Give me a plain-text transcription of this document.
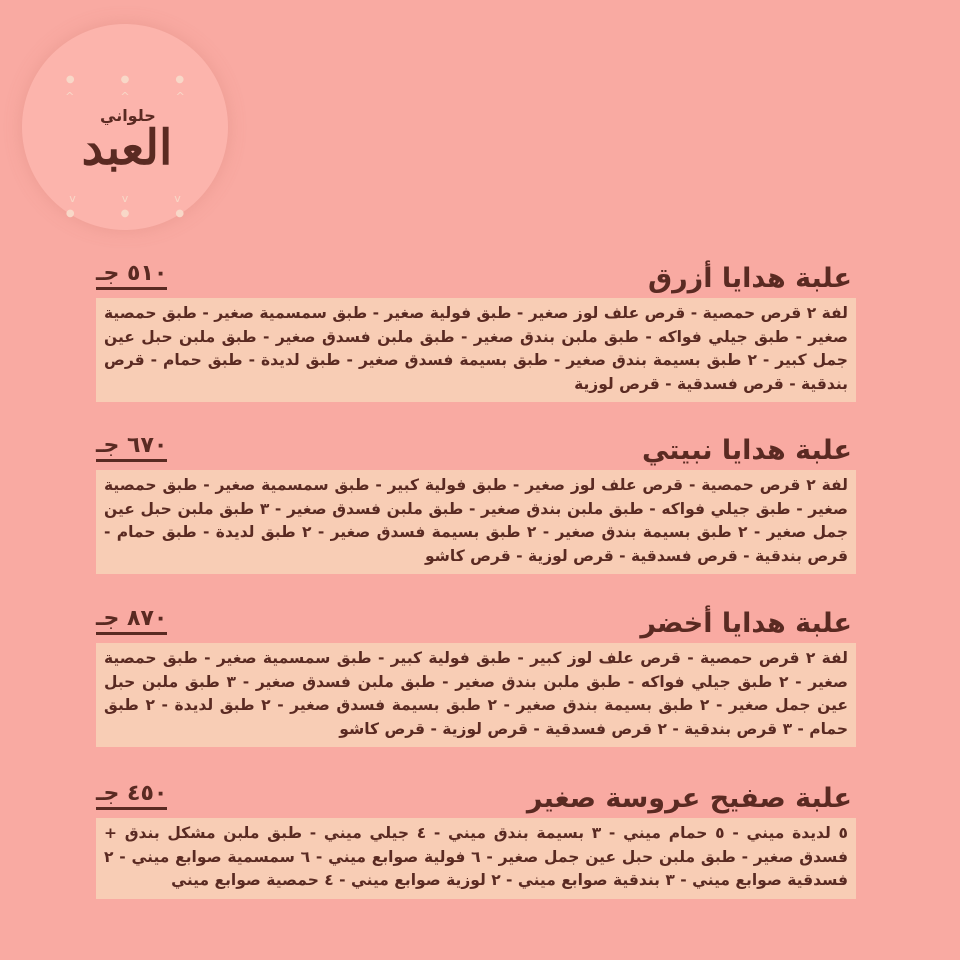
●	●	●
^	^	^
حلواني
العبد
v	v	v
●	●	●
٥١٠ جـ	علبة هدايا أزرق
لفة ٢ قرص حمصية - قرص علف لوز صغير - طبق فولية صغير - طبق سمسمية صغير - طبق حمصية صغير - طبق جيلي فواكه - طبق ملبن بندق صغير - طبق ملبن فسدق صغير - طبق ملبن حبل عين جمل كبير - ٢ طبق بسيمة بندق صغير - طبق بسيمة فسدق صغير - طبق لديدة - طبق حمام - قرص بندقية - قرص فسدقية - قرص لوزية
٦٧٠ جـ	علبة هدايا نبيتي
لفة ٢ قرص حمصية - قرص علف لوز صغير - طبق فولية كبير - طبق سمسمية صغير - طبق حمصية صغير - طبق جيلي فواكه - طبق ملبن بندق صغير - طبق ملبن فسدق صغير - ٣ طبق ملبن حبل عين جمل صغير - ٢ طبق بسيمة بندق صغير - ٢ طبق بسيمة فسدق صغير - ٢ طبق لديدة - طبق حمام - قرص بندقية - قرص فسدقية - قرص لوزية - قرص كاشو
٨٧٠ جـ	علبة هدايا أخضر
لفة ٢ قرص حمصية - قرص علف لوز كبير - طبق فولية كبير - طبق سمسمية صغير - طبق حمصية صغير - ٢ طبق جيلي فواكه - طبق ملبن بندق صغير - طبق ملبن فسدق صغير - ٣ طبق ملبن حبل عين جمل صغير - ٢ طبق بسيمة بندق صغير - ٢ طبق بسيمة فسدق صغير - ٢ طبق لديدة - ٢ طبق حمام - ٣ قرص بندقية - ٢ قرص فسدقية - قرص لوزية - قرص كاشو
٤٥٠ جـ	علبة صفيح عروسة صغير
٥ لديدة ميني - ٥ حمام ميني - ٣ بسيمة بندق ميني - ٤ جيلي ميني - طبق ملبن مشكل بندق + فسدق صغير - طبق ملبن حبل عين جمل صغير - ٦ فولية صوابع ميني - ٦ سمسمية صوابع ميني - ٢ فسدقية صوابع ميني - ٣ بندقية صوابع ميني - ٢ لوزية صوابع ميني - ٤ حمصية صوابع ميني
